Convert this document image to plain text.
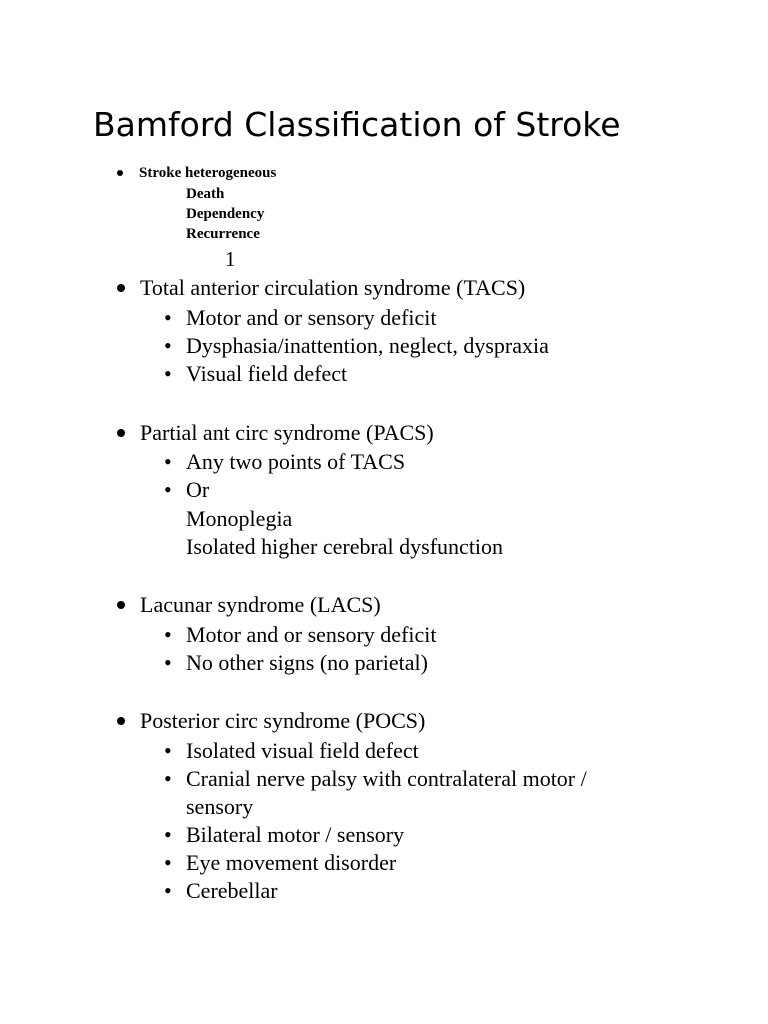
Bamford Classification of Stroke
Stroke heterogeneous
Death
Dependency
Recurrence
1
Total anterior circulation syndrome (TACS)
• Motor and or sensory deficit
• Dysphasia/inattention, neglect, dyspraxia
• Visual field defect
Partial ant circ syndrome (PACS)
• Any two points of TACS
• Or
Monoplegia
Isolated higher cerebral dysfunction
Lacunar syndrome (LACS)
• Motor and or sensory deficit
• No other signs (no parietal)
Posterior circ syndrome (POCS)
• Isolated visual field defect
• Cranial nerve palsy with contralateral motor /
sensory
• Bilateral motor / sensory
• Eye movement disorder
• Cerebellar
